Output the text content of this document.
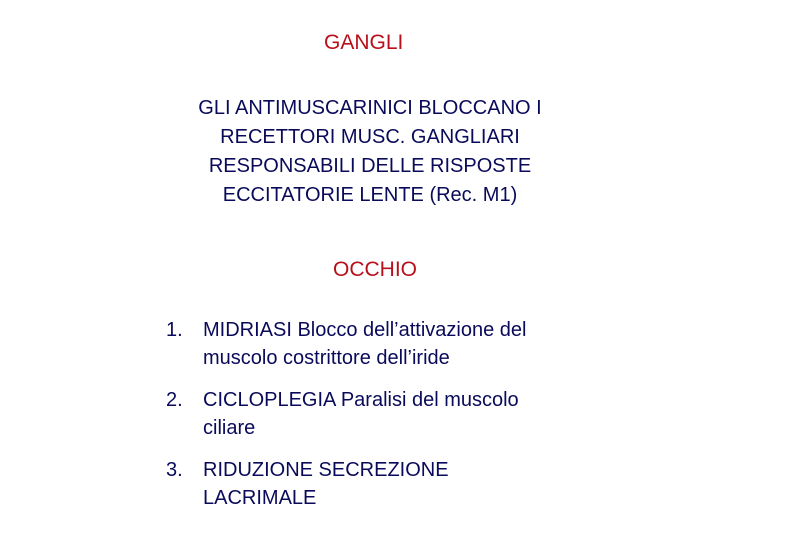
GANGLI
GLI ANTIMUSCARINICI BLOCCANO I
RECETTORI MUSC. GANGLIARI
RESPONSABILI DELLE RISPOSTE
ECCITATORIE LENTE (Rec. M1)
OCCHIO
1. MIDRIASI Blocco dell’attivazione del
muscolo costrittore dell’iride
2. CICLOPLEGIA Paralisi del muscolo
ciliare
3. RIDUZIONE SECREZIONE
LACRIMALE
